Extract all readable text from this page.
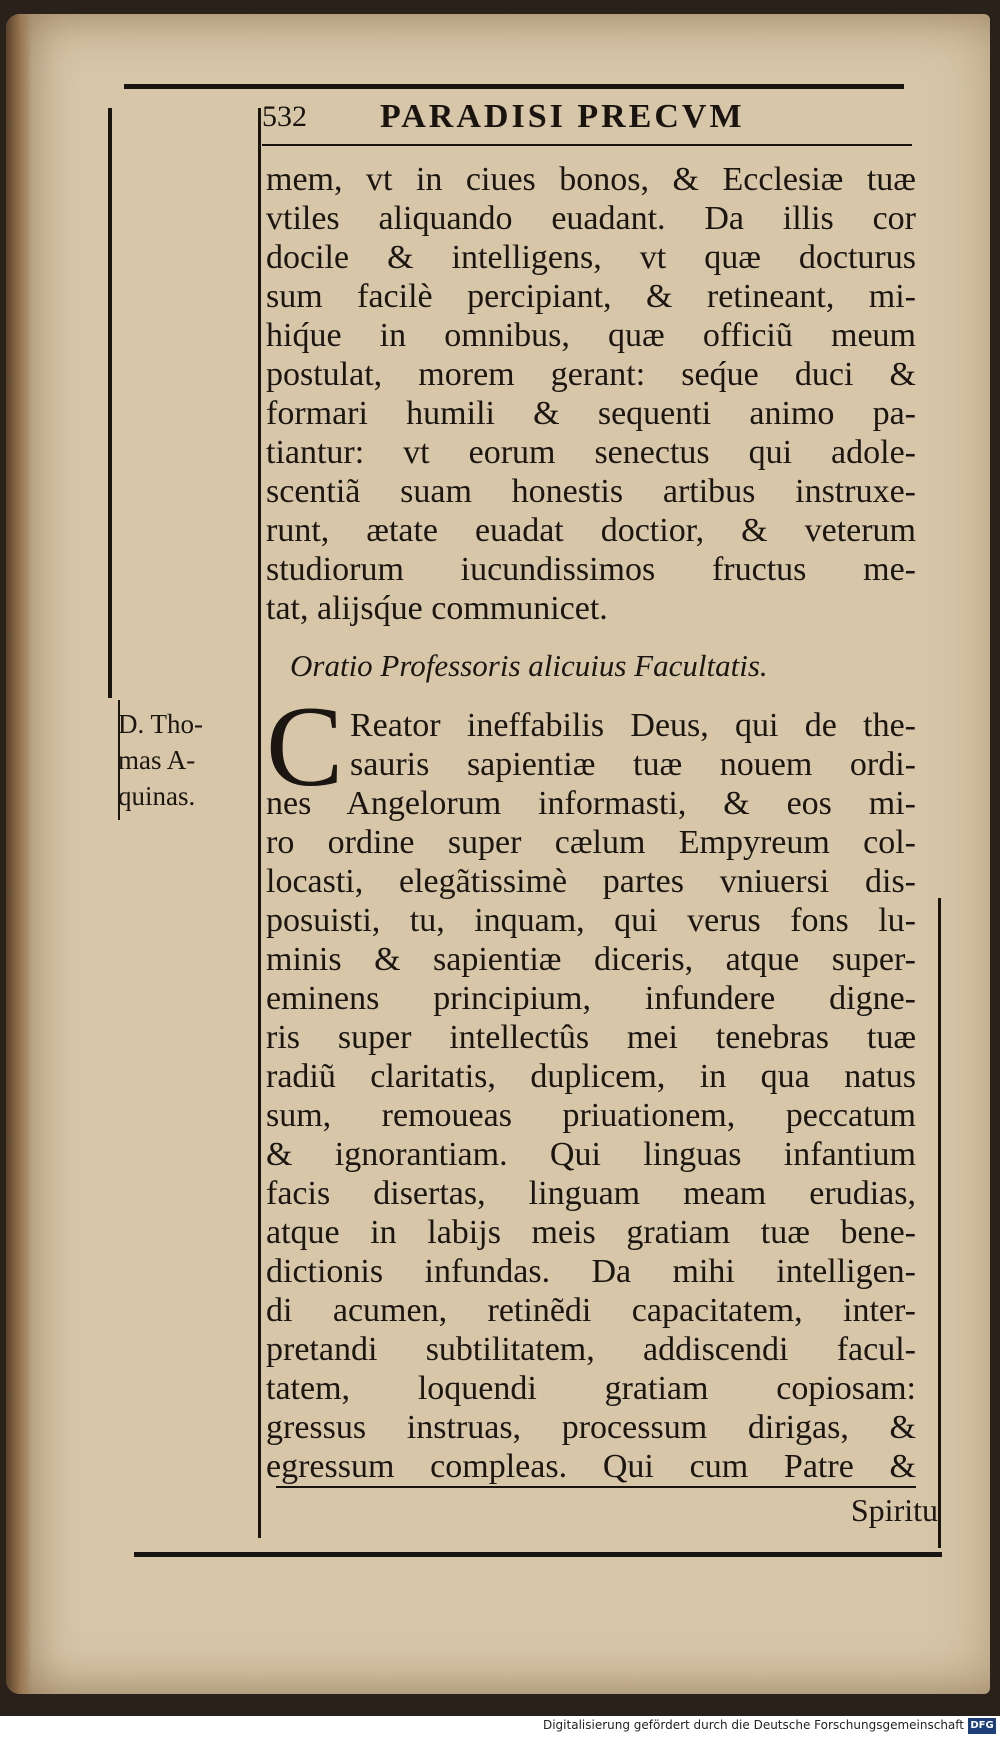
532 PARADISI PRECVM
mem, vt in ciues bonos, & Ecclesiæ tuæ
vtiles aliquando euadant. Da illis cor
docile & intelligens, vt quæ docturus
sum facilè percipiant, & retineant, mi-
hiq́ue in omnibus, quæ officiũ meum
postulat, morem gerant: seq́ue duci &
formari humili & sequenti animo pa-
tiantur: vt eorum senectus qui adole-
scentiã suam honestis artibus instruxe-
runt, ætate euadat doctior, & veterum
studiorum iucundissimos fructus me-
tat, alijsq́ue communicet.
Oratio Professoris alicuius Facultatis.
D. Tho-
mas A-
quinas. C Reator ineffabilis Deus, qui de the-
sauris sapientiæ tuæ nouem ordi-
nes Angelorum informasti, & eos mi-
ro ordine super cælum Empyreum col-
locasti, elegãtissimè partes vniuersi dis-
posuisti, tu, inquam, qui verus fons lu-
minis & sapientiæ diceris, atque super-
eminens principium, infundere digne-
ris super intellectûs mei tenebras tuæ
radiũ claritatis, duplicem, in qua natus
sum, remoueas priuationem, peccatum
& ignorantiam. Qui linguas infantium
facis disertas, linguam meam erudias,
atque in labijs meis gratiam tuæ bene-
dictionis infundas. Da mihi intelligen-
di acumen, retinẽdi capacitatem, inter-
pretandi subtilitatem, addiscendi facul-
tatem, loquendi gratiam copiosam:
gressus instruas, processum dirigas, &
egressum compleas. Qui cum Patre &
Spiritu
Digitalisierung gefördert durch die Deutsche Forschungsgemeinschaft DFG
